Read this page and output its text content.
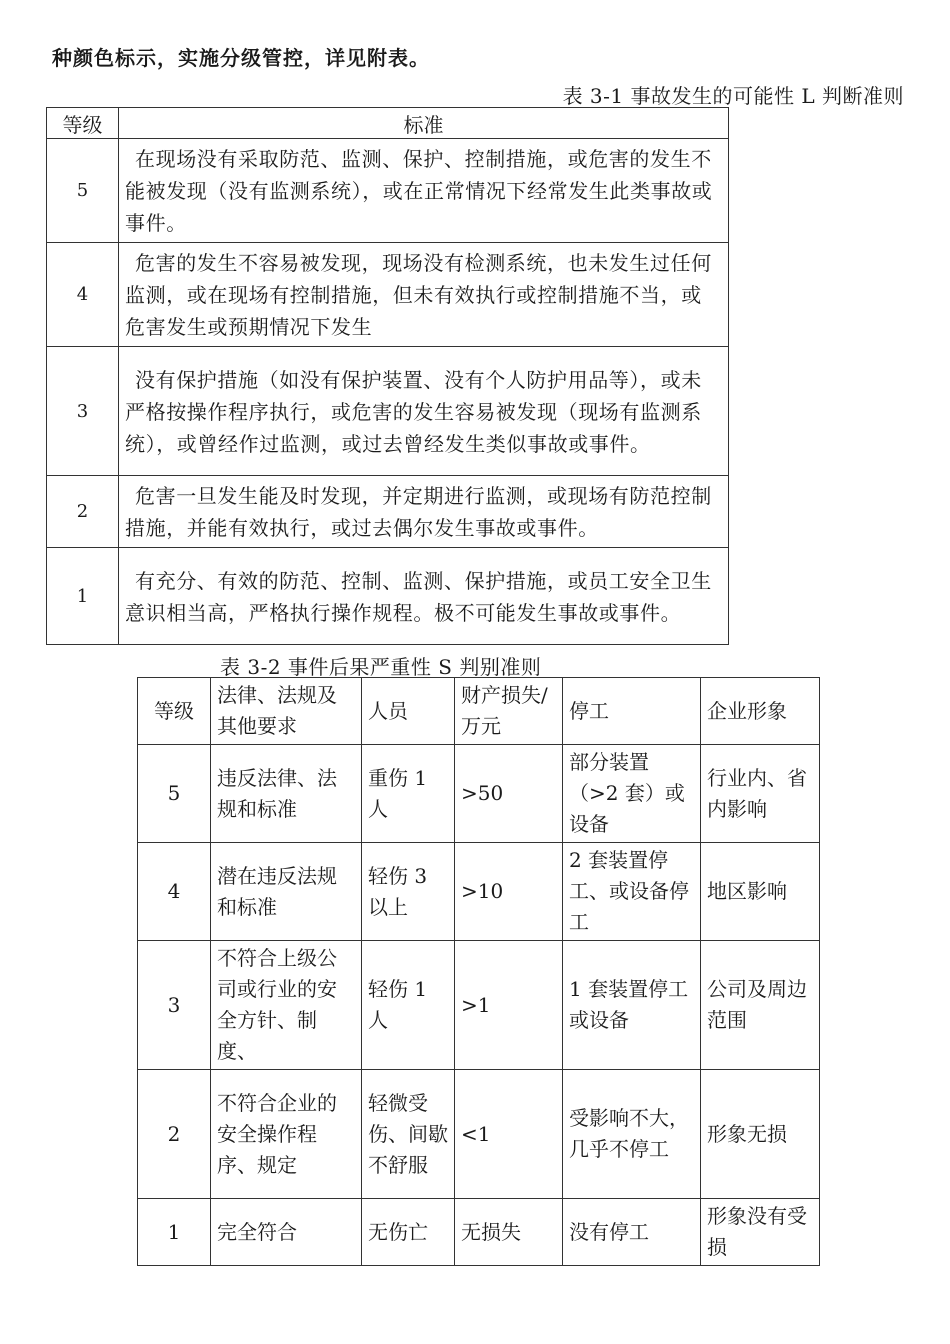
种颜色标示，实施分级管控，详见附表。
表 3-1 事故发生的可能性 L 判断准则
等级	标准
5	在现场没有采取防范、监测、保护、控制措施，或危害的发生不能被发现（没有监测系统），或在正常情况下经常发生此类事故或事件。
4	危害的发生不容易被发现，现场没有检测系统，也未发生过任何监测，或在现场有控制措施，但未有效执行或控制措施不当，或危害发生或预期情况下发生
3	没有保护措施（如没有保护装置、没有个人防护用品等），或未严格按操作程序执行，或危害的发生容易被发现（现场有监测系统），或曾经作过监测，或过去曾经发生类似事故或事件。
2	危害一旦发生能及时发现，并定期进行监测，或现场有防范控制措施，并能有效执行，或过去偶尔发生事故或事件。
1	有充分、有效的防范、控制、监测、保护措施，或员工安全卫生意识相当高，严格执行操作规程。极不可能发生事故或事件。
表 3-2 事件后果严重性 S 判别准则
等级	法律、法规及其他要求	人员	财产损失/万元	停工	企业形象
5	违反法律、法规和标准	重伤 1 人	>50	部分装置（>2 套）或设备	行业内、省内影响
4	潜在违反法规和标准	轻伤 3 以上	>10	2 套装置停工、或设备停工	地区影响
3	不符合上级公司或行业的安全方针、制度、	轻伤 1 人	>1	1 套装置停工或设备	公司及周边范围
2	不符合企业的安全操作程序、规定	轻微受伤、间歇不舒服	<1	受影响不大，几乎不停工	形象无损
1	完全符合	无伤亡	无损失	没有停工	形象没有受损
